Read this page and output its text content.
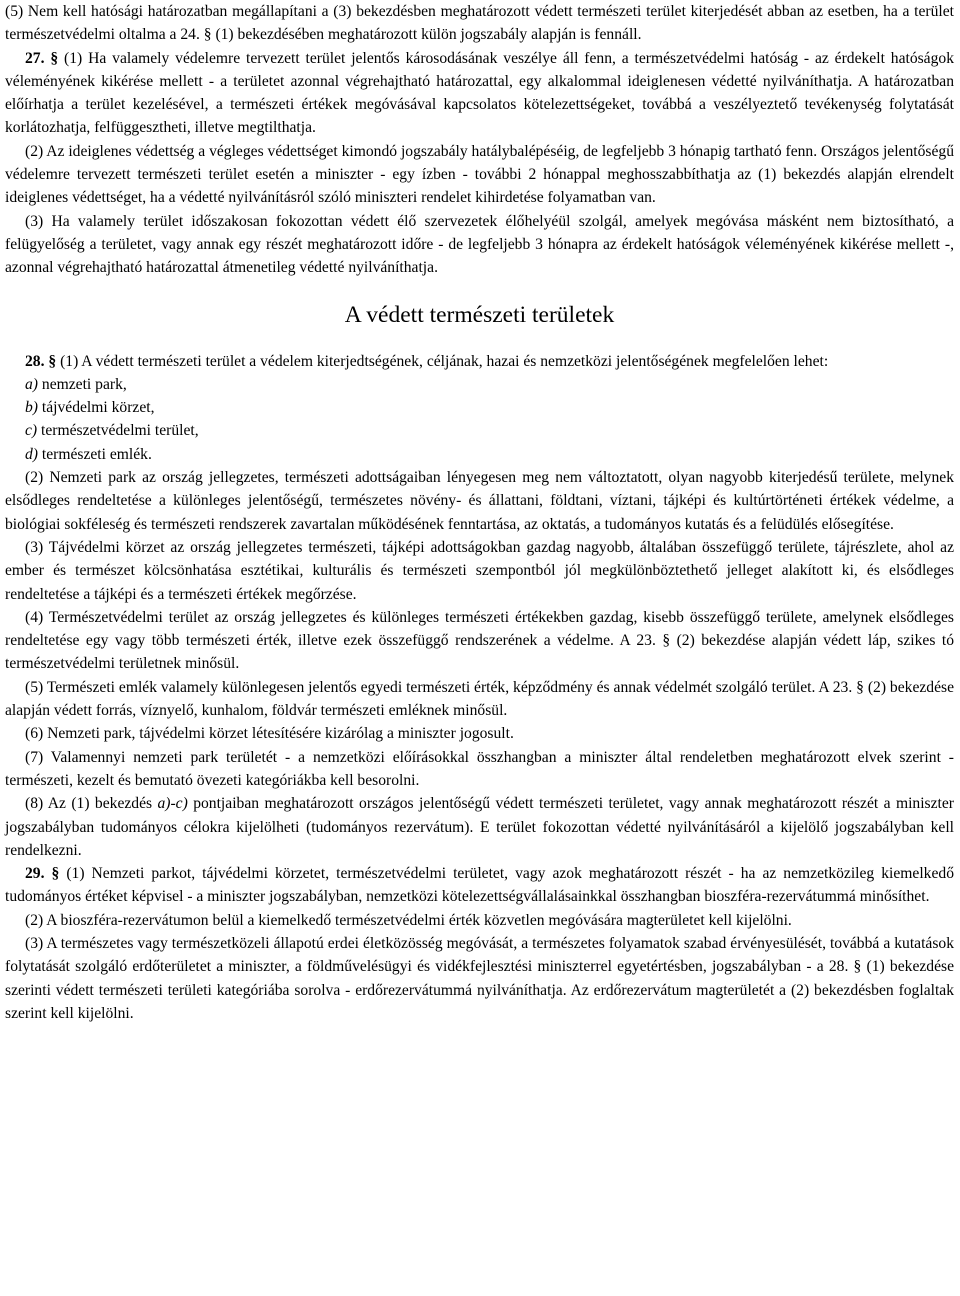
(5) Nem kell hatósági határozatban megállapítani a (3) bekezdésben meghatározott védett természeti terület kiterjedését abban az esetben, ha a terület természetvédelmi oltalma a 24. § (1) bekezdésében meghatározott külön jogszabály alapján is fennáll.

27. § (1) Ha valamely védelemre tervezett terület jelentős károsodásának veszélye áll fenn, a természetvédelmi hatóság - az érdekelt hatóságok véleményének kikérése mellett - a területet azonnal végrehajtható határozattal, egy alkalommal ideiglenesen védetté nyilváníthatja. A határozatban előírhatja a terület kezelésével, a természeti értékek megóvásával kapcsolatos kötelezettségeket, továbbá a veszélyeztető tevékenység folytatását korlátozhatja, felfüggesztheti, illetve megtilthatja.

(2) Az ideiglenes védettség a végleges védettséget kimondó jogszabály hatálybalépéséig, de legfeljebb 3 hónapig tartható fenn. Országos jelentőségű védelemre tervezett természeti terület esetén a miniszter - egy ízben - további 2 hónappal meghosszabbíthatja az (1) bekezdés alapján elrendelt ideiglenes védettséget, ha a védetté nyilvánításról szóló miniszteri rendelet kihirdetése folyamatban van.

(3) Ha valamely terület időszakosan fokozottan védett élő szervezetek élőhelyéül szolgál, amelyek megóvása másként nem biztosítható, a felügyelőség a területet, vagy annak egy részét meghatározott időre - de legfeljebb 3 hónapra az érdekelt hatóságok véleményének kikérése mellett -, azonnal végrehajtható határozattal átmenetileg védetté nyilváníthatja.

A védett természeti területek

28. § (1) A védett természeti terület a védelem kiterjedtségének, céljának, hazai és nemzetközi jelentőségének megfelelően lehet:

a) nemzeti park,

b) tájvédelmi körzet,

c) természetvédelmi terület,

d) természeti emlék.

(2) Nemzeti park az ország jellegzetes, természeti adottságaiban lényegesen meg nem változtatott, olyan nagyobb kiterjedésű területe, melynek elsődleges rendeltetése a különleges jelentőségű, természetes növény- és állattani, földtani, víztani, tájképi és kultúrtörténeti értékek védelme, a biológiai sokféleség és természeti rendszerek zavartalan működésének fenntartása, az oktatás, a tudományos kutatás és a felüdülés elősegítése.

(3) Tájvédelmi körzet az ország jellegzetes természeti, tájképi adottságokban gazdag nagyobb, általában összefüggő területe, tájrészlete, ahol az ember és természet kölcsönhatása esztétikai, kulturális és természeti szempontból jól megkülönböztethető jelleget alakított ki, és elsődleges rendeltetése a tájképi és a természeti értékek megőrzése.

(4) Természetvédelmi terület az ország jellegzetes és különleges természeti értékekben gazdag, kisebb összefüggő területe, amelynek elsődleges rendeltetése egy vagy több természeti érték, illetve ezek összefüggő rendszerének a védelme. A 23. § (2) bekezdése alapján védett láp, szikes tó természetvédelmi területnek minősül.

(5) Természeti emlék valamely különlegesen jelentős egyedi természeti érték, képződmény és annak védelmét szolgáló terület. A 23. § (2) bekezdése alapján védett forrás, víznyelő, kunhalom, földvár természeti emléknek minősül.

(6) Nemzeti park, tájvédelmi körzet létesítésére kizárólag a miniszter jogosult.

(7) Valamennyi nemzeti park területét - a nemzetközi előírásokkal összhangban a miniszter által rendeletben meghatározott elvek szerint - természeti, kezelt és bemutató övezeti kategóriákba kell besorolni.

(8) Az (1) bekezdés a)-c) pontjaiban meghatározott országos jelentőségű védett természeti területet, vagy annak meghatározott részét a miniszter jogszabályban tudományos célokra kijelölheti (tudományos rezervátum). E terület fokozottan védetté nyilvánításáról a kijelölő jogszabályban kell rendelkezni.

29. § (1) Nemzeti parkot, tájvédelmi körzetet, természetvédelmi területet, vagy azok meghatározott részét - ha az nemzetközileg kiemelkedő tudományos értéket képvisel - a miniszter jogszabályban, nemzetközi kötelezettségvállalásainkkal összhangban bioszféra-rezervátummá minősíthet.

(2) A bioszféra-rezervátumon belül a kiemelkedő természetvédelmi érték közvetlen megóvására magterületet kell kijelölni.

(3) A természetes vagy természetközeli állapotú erdei életközösség megóvását, a természetes folyamatok szabad érvényesülését, továbbá a kutatások folytatását szolgáló erdőterületet a miniszter, a földművelésügyi és vidékfejlesztési miniszterrel egyetértésben, jogszabályban - a 28. § (1) bekezdése szerinti védett természeti területi kategóriába sorolva - erdőrezervátummá nyilváníthatja. Az erdőrezervátum magterületét a (2) bekezdésben foglaltak szerint kell kijelölni.
